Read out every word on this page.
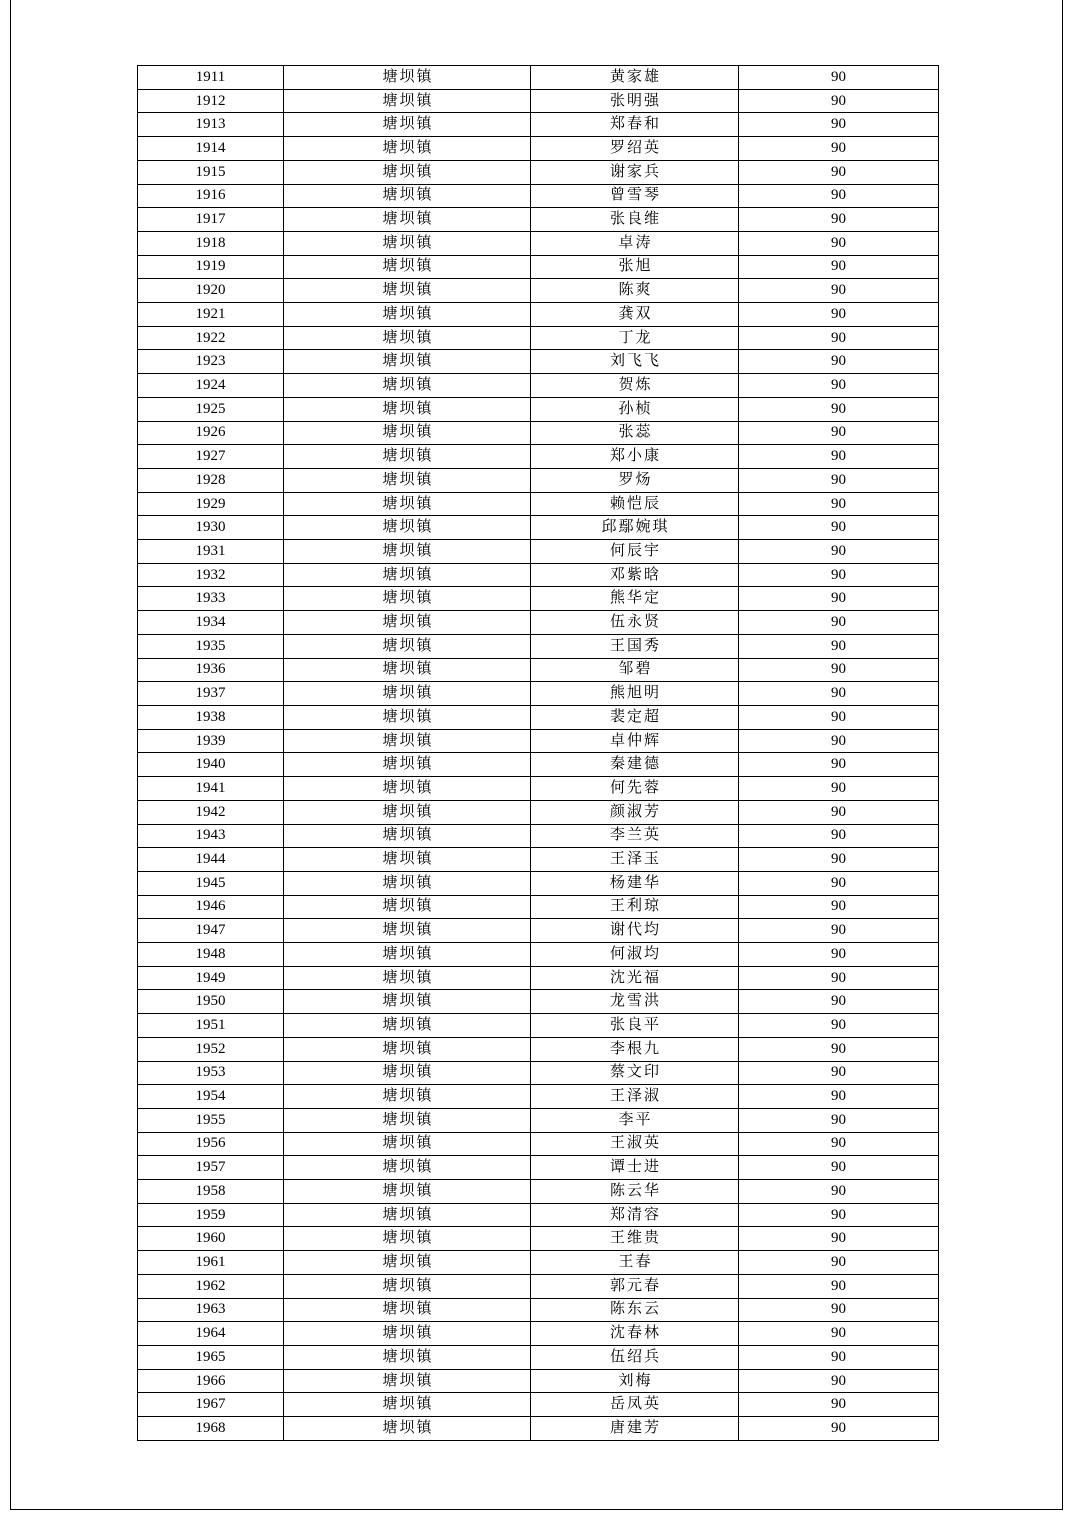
1911	塘坝镇	黄家雄	90
1912	塘坝镇	张明强	90
1913	塘坝镇	郑春和	90
1914	塘坝镇	罗绍英	90
1915	塘坝镇	谢家兵	90
1916	塘坝镇	曾雪琴	90
1917	塘坝镇	张良维	90
1918	塘坝镇	卓涛	90
1919	塘坝镇	张旭	90
1920	塘坝镇	陈爽	90
1921	塘坝镇	龚双	90
1922	塘坝镇	丁龙	90
1923	塘坝镇	刘飞飞	90
1924	塘坝镇	贺炼	90
1925	塘坝镇	孙桢	90
1926	塘坝镇	张蕊	90
1927	塘坝镇	郑小康	90
1928	塘坝镇	罗炀	90
1929	塘坝镇	赖恺辰	90
1930	塘坝镇	邱鄢婉琪	90
1931	塘坝镇	何辰宇	90
1932	塘坝镇	邓紫晗	90
1933	塘坝镇	熊华定	90
1934	塘坝镇	伍永贤	90
1935	塘坝镇	王国秀	90
1936	塘坝镇	邹碧	90
1937	塘坝镇	熊旭明	90
1938	塘坝镇	裴定超	90
1939	塘坝镇	卓仲辉	90
1940	塘坝镇	秦建德	90
1941	塘坝镇	何先蓉	90
1942	塘坝镇	颜淑芳	90
1943	塘坝镇	李兰英	90
1944	塘坝镇	王泽玉	90
1945	塘坝镇	杨建华	90
1946	塘坝镇	王利琼	90
1947	塘坝镇	谢代均	90
1948	塘坝镇	何淑均	90
1949	塘坝镇	沈光福	90
1950	塘坝镇	龙雪洪	90
1951	塘坝镇	张良平	90
1952	塘坝镇	李根九	90
1953	塘坝镇	蔡文印	90
1954	塘坝镇	王泽淑	90
1955	塘坝镇	李平	90
1956	塘坝镇	王淑英	90
1957	塘坝镇	谭士进	90
1958	塘坝镇	陈云华	90
1959	塘坝镇	郑清容	90
1960	塘坝镇	王维贵	90
1961	塘坝镇	王春	90
1962	塘坝镇	郭元春	90
1963	塘坝镇	陈东云	90
1964	塘坝镇	沈春林	90
1965	塘坝镇	伍绍兵	90
1966	塘坝镇	刘梅	90
1967	塘坝镇	岳凤英	90
1968	塘坝镇	唐建芳	90
